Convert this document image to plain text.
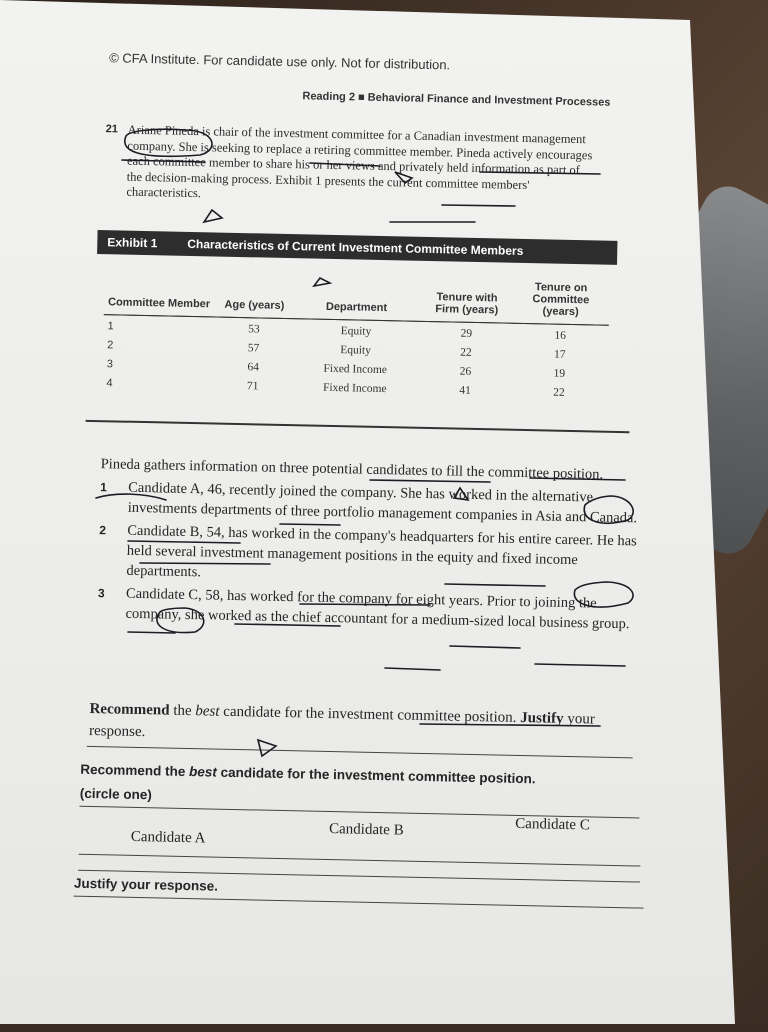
© CFA Institute. For candidate use only. Not for distribution.
Reading 2 ■ Behavioral Finance and Investment Processes
21 Ariane Pineda is chair of the investment committee for a Canadian investment management company. She is seeking to replace a retiring committee member. Pineda actively encourages each committee member to share his or her views and privately held information as part of the decision-making process. Exhibit 1 presents the current committee members' characteristics.
Exhibit 1 Characteristics of Current Investment Committee Members
Committee Member	Age (years)	Department	Tenure with Firm (years)	Tenure on Committee (years)
1	53	Equity	29	16
2	57	Equity	22	17
3	64	Fixed Income	26	19
4	71	Fixed Income	41	22
Pineda gathers information on three potential candidates to fill the committee position.
1 Candidate A, 46, recently joined the company. She has worked in the alternative investments departments of three portfolio management companies in Asia and Canada.
2 Candidate B, 54, has worked in the company's headquarters for his entire career. He has held several investment management positions in the equity and fixed income departments.
3 Candidate C, 58, has worked for the company for eight years. Prior to joining the company, she worked as the chief accountant for a medium-sized local business group.
Recommend the best candidate for the investment committee position. Justify your response.
Recommend the best candidate for the investment committee position.
(circle one)
Candidate A	Candidate B	Candidate C
Justify your response.
